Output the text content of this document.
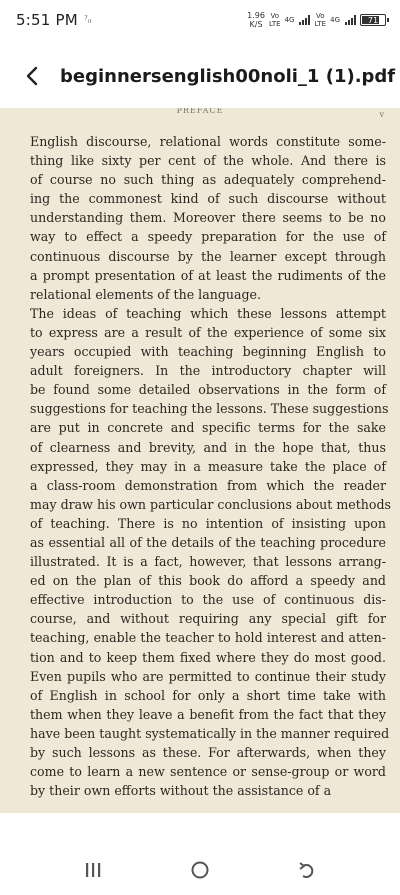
5:51 PM ⁷ᵢₗ	1.96
K/S
Vo
LTE 4G	Vo
LTE 4G	71
beginnersenglish00noli_1 (1).pdf
PREFACE	v
English discourse, relational words constitute some-
thing like sixty per cent of the whole. And there is
of course no such thing as adequately comprehend-
ing the commonest kind of such discourse without
understanding them. Moreover there seems to be no
way to effect a speedy preparation for the use of
continuous discourse by the learner except through
a prompt presentation of at least the rudiments of the
relational elements of the language.
The ideas of teaching which these lessons attempt
to express are a result of the experience of some six
years occupied with teaching beginning English to
adult foreigners. In the introductory chapter will
be found some detailed observations in the form of
suggestions for teaching the lessons. These suggestions
are put in concrete and specific terms for the sake
of clearness and brevity, and in the hope that, thus
expressed, they may in a measure take the place of
a class-room demonstration from which the reader
may draw his own particular conclusions about methods
of teaching. There is no intention of insisting upon
as essential all of the details of the teaching procedure
illustrated. It is a fact, however, that lessons arrang-
ed on the plan of this book do afford a speedy and
effective introduction to the use of continuous dis-
course, and without requiring any special gift for
teaching, enable the teacher to hold interest and atten-
tion and to keep them fixed where they do most good.
Even pupils who are permitted to continue their study
of English in school for only a short time take with
them when they leave a benefit from the fact that they
have been taught systematically in the manner required
by such lessons as these. For afterwards, when they
come to learn a new sentence or sense-group or word
by their own efforts without the assistance of a
